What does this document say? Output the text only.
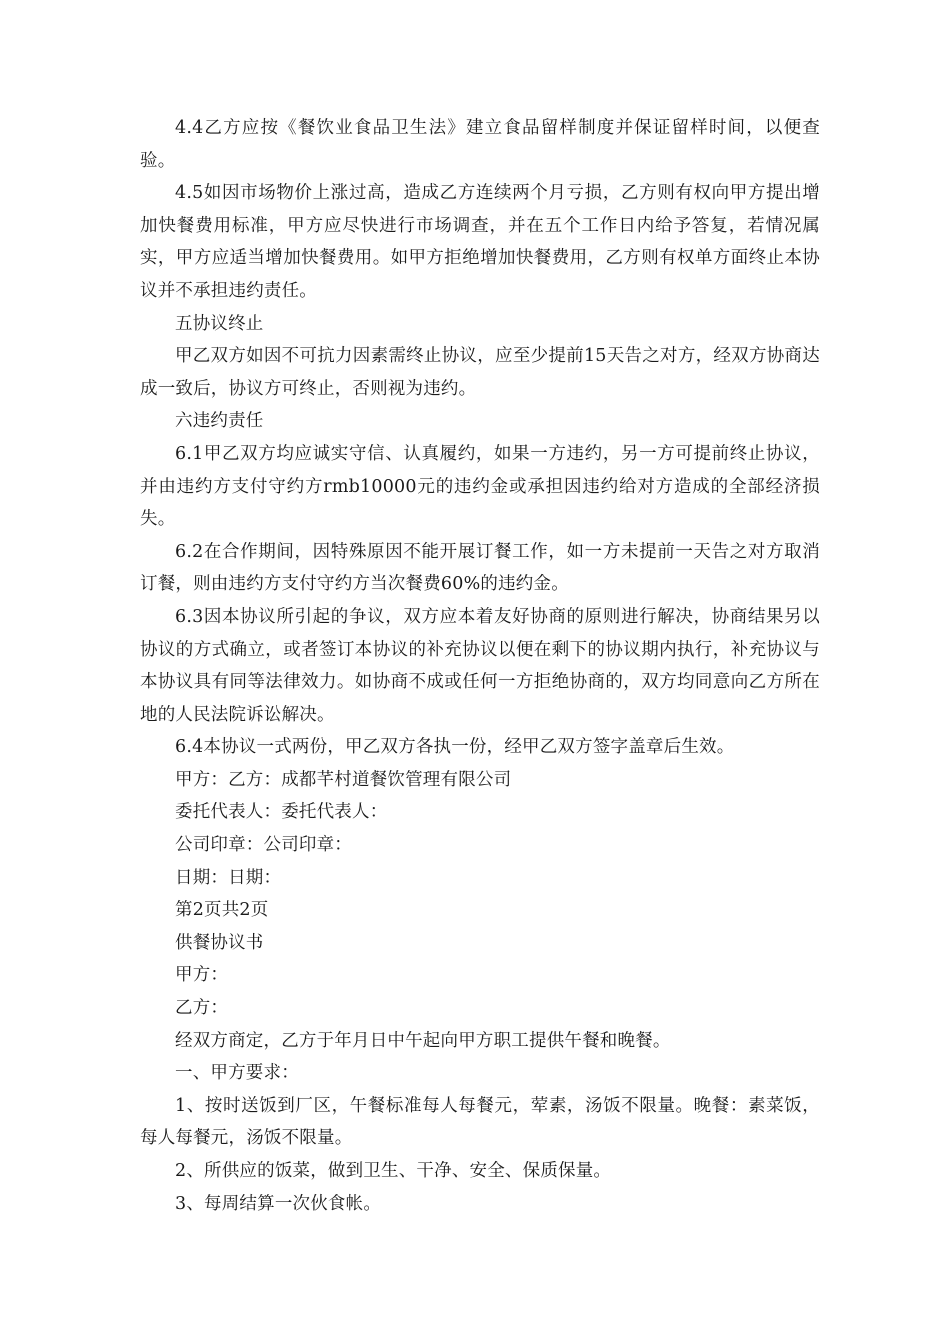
4.4乙方应按《餐饮业食品卫生法》建立食品留样制度并保证留样时间，以便查验。

4.5如因市场物价上涨过高，造成乙方连续两个月亏损，乙方则有权向甲方提出增加快餐费用标准，甲方应尽快进行市场调查，并在五个工作日内给予答复，若情况属实，甲方应适当增加快餐费用。如甲方拒绝增加快餐费用，乙方则有权单方面终止本协议并不承担违约责任。

五协议终止

甲乙双方如因不可抗力因素需终止协议，应至少提前15天告之对方，经双方协商达成一致后，协议方可终止，否则视为违约。

六违约责任

6.1甲乙双方均应诚实守信、认真履约，如果一方违约，另一方可提前终止协议，并由违约方支付守约方rmb10000元的违约金或承担因违约给对方造成的全部经济损失。

6.2在合作期间，因特殊原因不能开展订餐工作，如一方未提前一天告之对方取消订餐，则由违约方支付守约方当次餐费60%的违约金。

6.3因本协议所引起的争议，双方应本着友好协商的原则进行解决，协商结果另以协议的方式确立，或者签订本协议的补充协议以便在剩下的协议期内执行，补充协议与本协议具有同等法律效力。如协商不成或任何一方拒绝协商的，双方均同意向乙方所在地的人民法院诉讼解决。

6.4本协议一式两份，甲乙双方各执一份，经甲乙双方签字盖章后生效。

甲方：乙方：成都芊村道餐饮管理有限公司

委托代表人：委托代表人：

公司印章：公司印章：

日期：日期：

第2页共2页

供餐协议书

甲方：

乙方：

经双方商定，乙方于年月日中午起向甲方职工提供午餐和晚餐。

一、甲方要求：

1、按时送饭到厂区，午餐标准每人每餐元，荤素，汤饭不限量。晚餐：素菜饭，每人每餐元，汤饭不限量。

2、所供应的饭菜，做到卫生、干净、安全、保质保量。

3、每周结算一次伙食帐。
